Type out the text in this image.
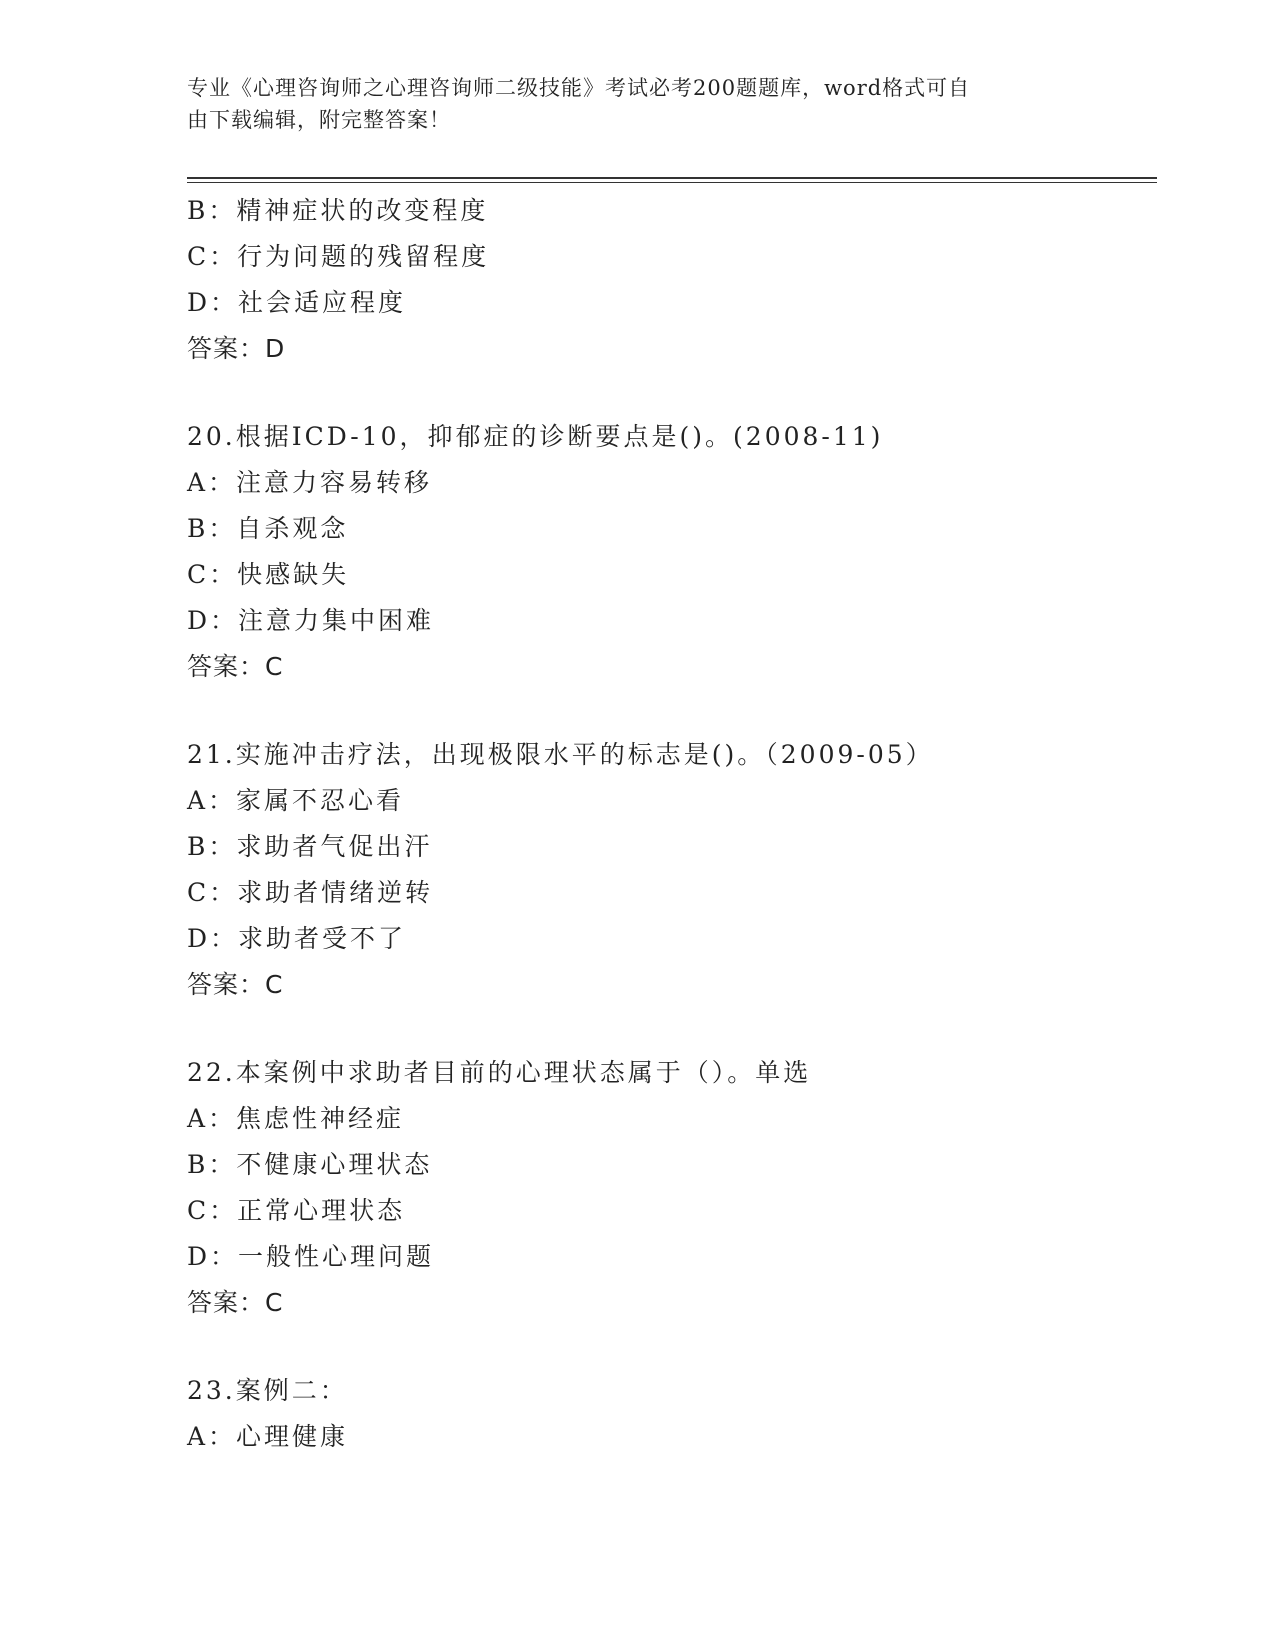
专业《心理咨询师之心理咨询师二级技能》考试必考200题题库，word格式可自
由下载编辑，附完整答案！
B：精神症状的改变程度
C：行为问题的残留程度
D：社会适应程度
答案：D
20.根据ICD-10，抑郁症的诊断要点是()。(2008-11)
A：注意力容易转移
B：自杀观念
C：快感缺失
D：注意力集中困难
答案：C
21.实施冲击疗法，出现极限水平的标志是()。（2009-05）
A：家属不忍心看
B：求助者气促出汗
C：求助者情绪逆转
D：求助者受不了
答案：C
22.本案例中求助者目前的心理状态属于（）。单选
A：焦虑性神经症
B：不健康心理状态
C：正常心理状态
D：一般性心理问题
答案：C
23.案例二：
A：心理健康
